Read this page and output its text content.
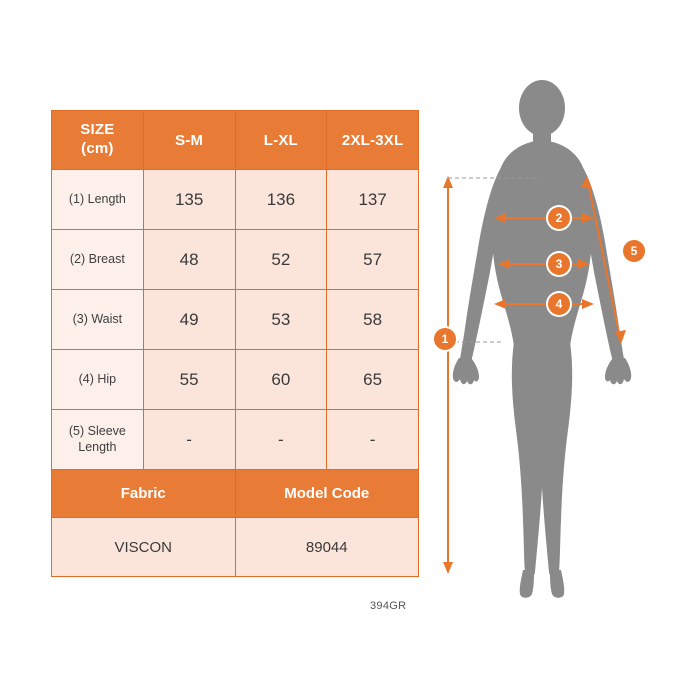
SIZE
(cm)	S-M	L-XL	2XL-3XL
(1) Length	135	136	137
(2) Breast	48	52	57
(3) Waist	49	53	58
(4) Hip	55	60	65
(5) Sleeve Length	-	-	-
Fabric		Model Code	
VISCON		89044	
394GR
1
2
3
4
5
